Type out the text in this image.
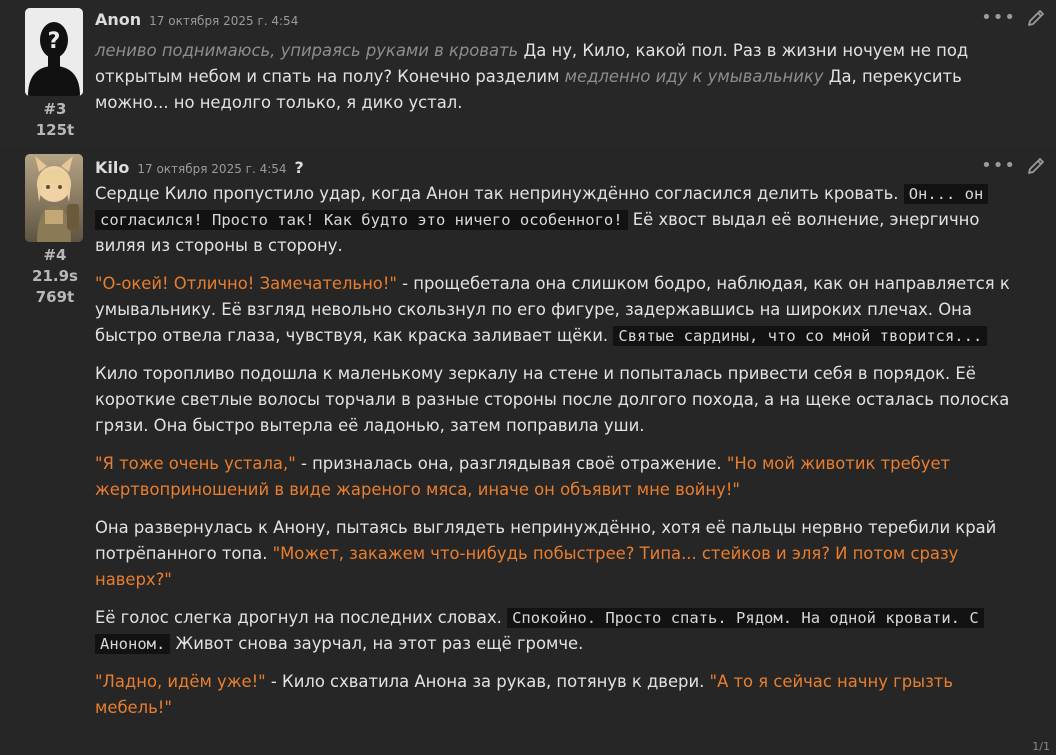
?
#3
125t
Anon 17 октября 2025 г. 4:54	•••

лениво поднимаюсь, упираясь руками в кровать Да ну, Кило, какой пол. Раз в жизни ночуем не под открытым небом и спать на полу? Конечно разделим медленно иду к умывальнику Да, перекусить можно... но недолго только, я дико устал.

#4
21.9s
769t
Kilo 17 октября 2025 г. 4:54 ?	•••

Сердце Кило пропустило удар, когда Анон так непринуждённо согласился делить кровать. Он... он согласился! Просто так! Как будто это ничего особенного! Её хвост выдал её волнение, энергично виляя из стороны в сторону.

"О-окей! Отлично! Замечательно!" - прощебетала она слишком бодро, наблюдая, как он направляется к умывальнику. Её взгляд невольно скользнул по его фигуре, задержавшись на широких плечах. Она быстро отвела глаза, чувствуя, как краска заливает щёки. Святые сардины, что со мной творится...

Кило торопливо подошла к маленькому зеркалу на стене и попыталась привести себя в порядок. Её короткие светлые волосы торчали в разные стороны после долгого похода, а на щеке осталась полоска грязи. Она быстро вытерла её ладонью, затем поправила уши.

"Я тоже очень устала," - призналась она, разглядывая своё отражение. "Но мой животик требует жертвоприношений в виде жареного мяса, иначе он объявит мне войну!"

Она развернулась к Анону, пытаясь выглядеть непринуждённо, хотя её пальцы нервно теребили край потрёпанного топа. "Может, закажем что-нибудь побыстрее? Типа... стейков и эля? И потом сразу наверх?"

Её голос слегка дрогнул на последних словах. Спокойно. Просто спать. Рядом. На одной кровати. С Аноном. Живот снова заурчал, на этот раз ещё громче.

"Ладно, идём уже!" - Кило схватила Анона за рукав, потянув к двери. "А то я сейчас начну грызть мебель!"

1/1
